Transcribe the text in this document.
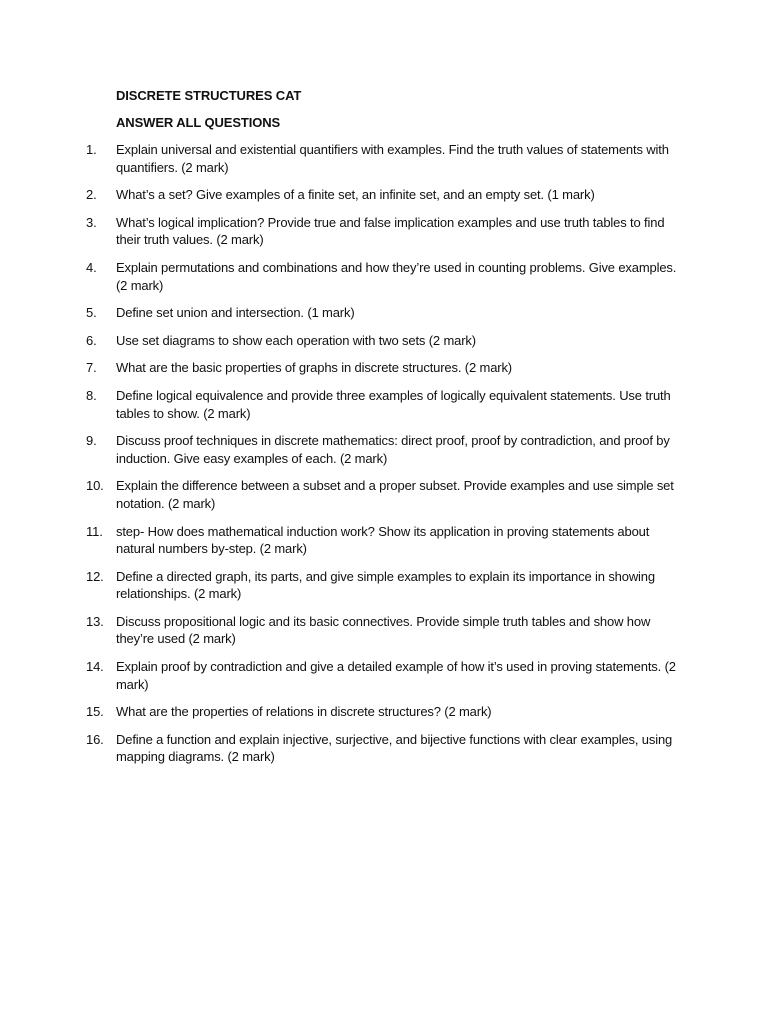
DISCRETE STRUCTURES CAT
ANSWER ALL QUESTIONS
1.	Explain universal and existential quantifiers with examples. Find the truth values of statements with quantifiers. (2 mark)
2.	What’s a set? Give examples of a finite set, an infinite set, and an empty set. (1 mark)
3.	What’s logical implication? Provide true and false implication examples and use truth tables to find their truth values. (2 mark)
4.	Explain permutations and combinations and how they’re used in counting problems. Give examples. (2 mark)
5.	Define set union and intersection. (1 mark)
6.	Use set diagrams to show each operation with two sets (2 mark)
7.	What are the basic properties of graphs in discrete structures. (2 mark)
8.	Define logical equivalence and provide three examples of logically equivalent statements. Use truth tables to show. (2 mark)
9.	Discuss proof techniques in discrete mathematics: direct proof, proof by contradiction, and proof by induction. Give easy examples of each. (2 mark)
10. Explain the difference between a subset and a proper subset. Provide examples and use simple set notation. (2 mark)
11.	step- How does mathematical induction work? Show its application in proving statements about natural numbers by-step. (2 mark)
12. Define a directed graph, its parts, and give simple examples to explain its importance in showing relationships. (2 mark)
13. Discuss propositional logic and its basic connectives. Provide simple truth tables and show how they’re used (2 mark)
14. Explain proof by contradiction and give a detailed example of how it’s used in proving statements. (2 mark)
15. What are the properties of relations in discrete structures? (2 mark)
16. Define a function and explain injective, surjective, and bijective functions with clear examples, using mapping diagrams. (2 mark)
